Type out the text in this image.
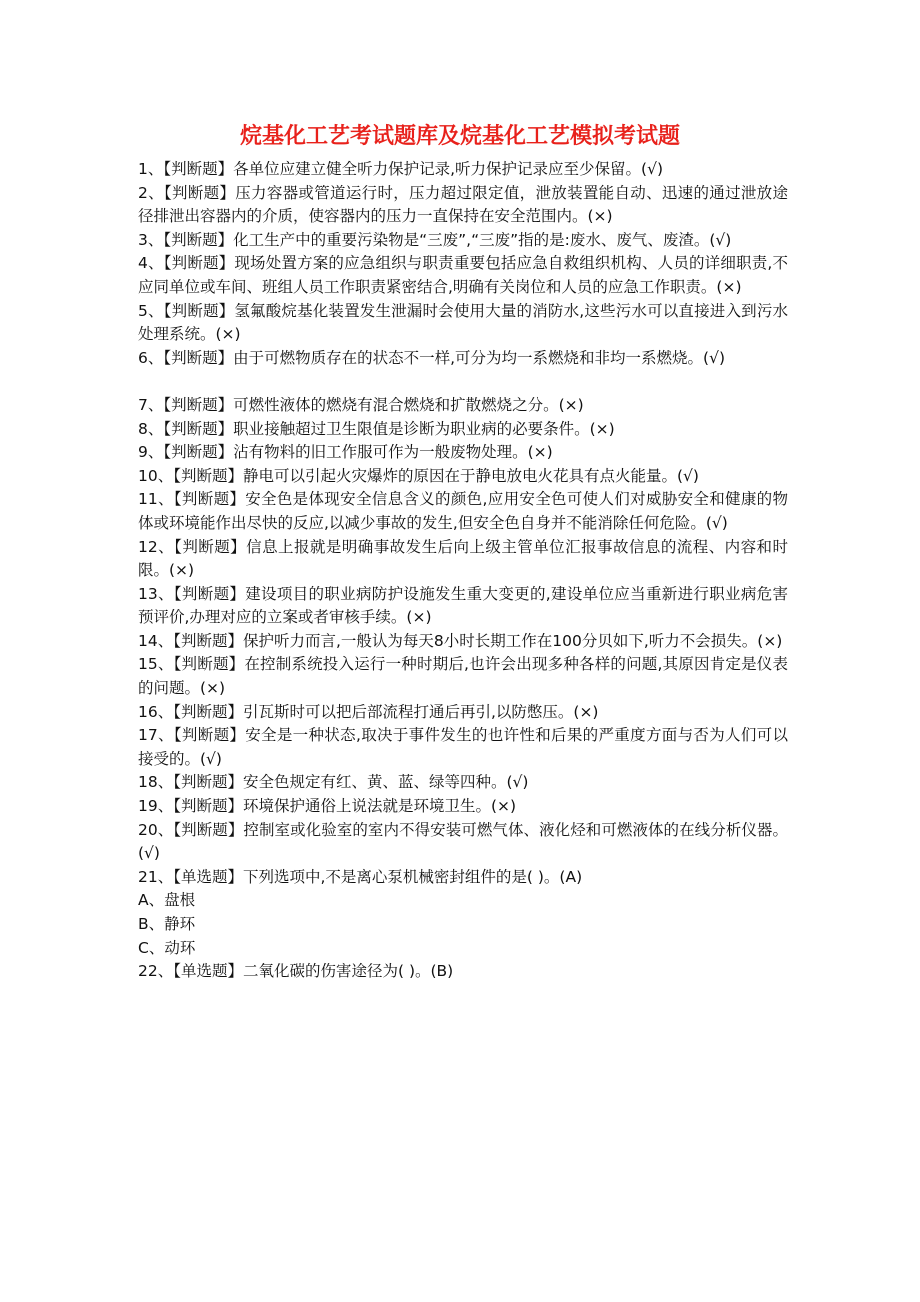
烷基化工艺考试题库及烷基化工艺模拟考试题

1、【判断题】各单位应建立健全听力保护记录,听力保护记录应至少保留。(√)

2、【判断题】压力容器或管道运行时，压力超过限定值，泄放装置能自动、迅速的通过泄放途径排泄出容器内的介质，使容器内的压力一直保持在安全范围内。(×)

3、【判断题】化工生产中的重要污染物是“三废”,“三废”指的是:废水、废气、废渣。(√)

4、【判断题】现场处置方案的应急组织与职责重要包括应急自救组织机构、人员的详细职责,不应同单位或车间、班组人员工作职责紧密结合,明确有关岗位和人员的应急工作职责。(×)

5、【判断题】氢氟酸烷基化装置发生泄漏时会使用大量的消防水,这些污水可以直接进入到污水处理系统。(×)

6、【判断题】由于可燃物质存在的状态不一样,可分为均一系燃烧和非均一系燃烧。(√)

7、【判断题】可燃性液体的燃烧有混合燃烧和扩散燃烧之分。(×)

8、【判断题】职业接触超过卫生限值是诊断为职业病的必要条件。(×)

9、【判断题】沾有物料的旧工作服可作为一般废物处理。(×)

10、【判断题】静电可以引起火灾爆炸的原因在于静电放电火花具有点火能量。(√)

11、【判断题】安全色是体现安全信息含义的颜色,应用安全色可使人们对威胁安全和健康的物体或环境能作出尽快的反应,以减少事故的发生,但安全色自身并不能消除任何危险。(√)

12、【判断题】信息上报就是明确事故发生后向上级主管单位汇报事故信息的流程、内容和时限。(×)

13、【判断题】建设项目的职业病防护设施发生重大变更的,建设单位应当重新进行职业病危害预评价,办理对应的立案或者审核手续。(×)

14、【判断题】保护听力而言,一般认为每天8小时长期工作在100分贝如下,听力不会损失。(×)

15、【判断题】在控制系统投入运行一种时期后,也许会出现多种各样的问题,其原因肯定是仪表的问题。(×)

16、【判断题】引瓦斯时可以把后部流程打通后再引,以防憋压。(×)

17、【判断题】安全是一种状态,取决于事件发生的也许性和后果的严重度方面与否为人们可以接受的。(√)

18、【判断题】安全色规定有红、黄、蓝、绿等四种。(√)

19、【判断题】环境保护通俗上说法就是环境卫生。(×)

20、【判断题】控制室或化验室的室内不得安装可燃气体、液化烃和可燃液体的在线分析仪器。(√)

21、【单选题】下列选项中,不是离心泵机械密封组件的是( )。(A)

A、盘根

B、静环

C、动环

22、【单选题】二氧化碳的伤害途径为( )。(B)
